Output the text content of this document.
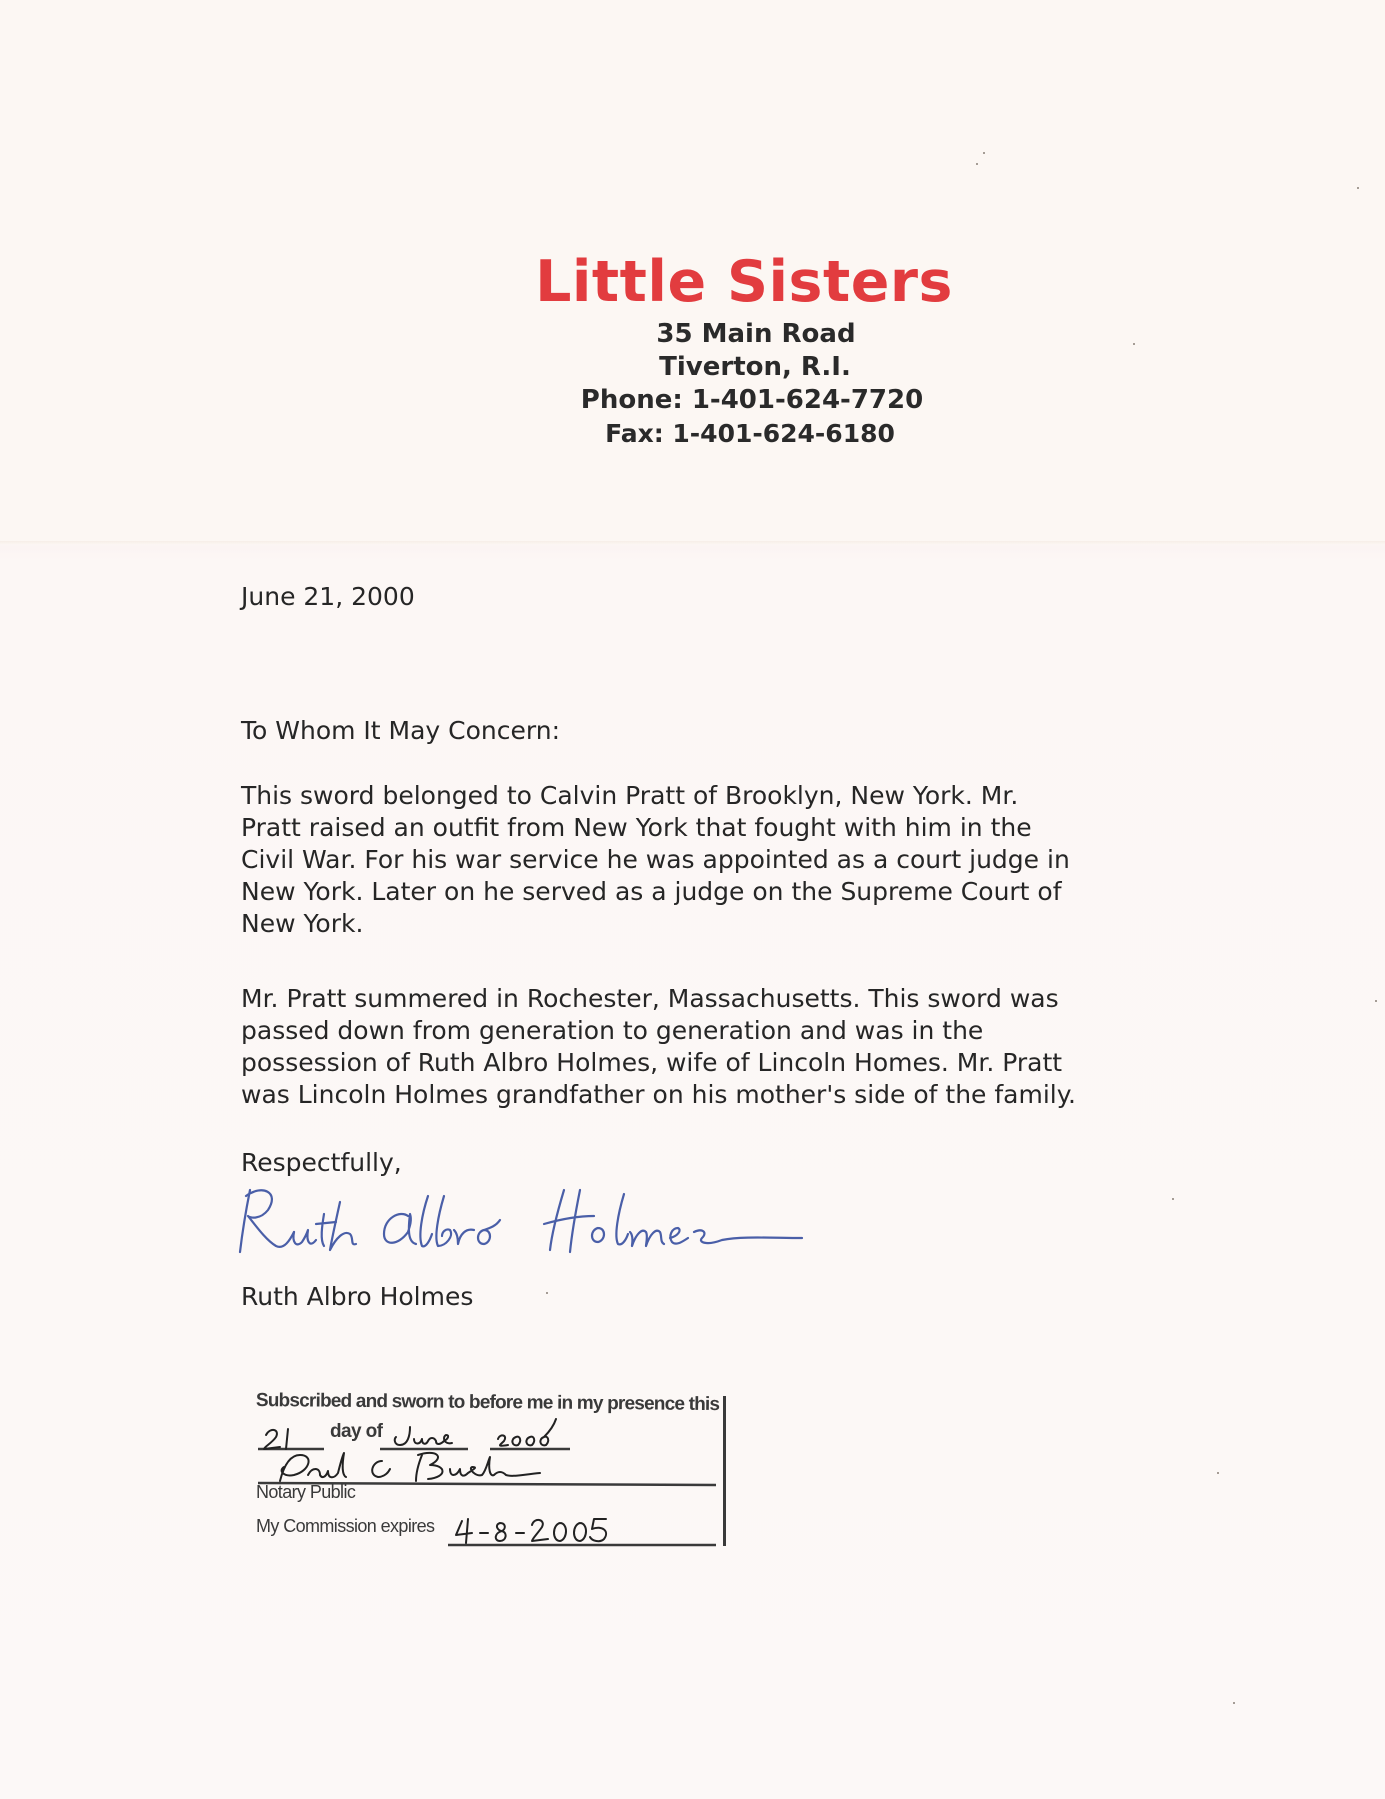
Little Sisters
35 Main Road
Tiverton, R.I.
Phone: 1-401-624-7720
Fax: 1-401-624-6180
June 21, 2000
To Whom It May Concern:
This sword belonged to Calvin Pratt of Brooklyn, New York. Mr.
Pratt raised an outfit from New York that fought with him in the
Civil War. For his war service he was appointed as a court judge in
New York. Later on he served as a judge on the Supreme Court of
New York.
Mr. Pratt summered in Rochester, Massachusetts. This sword was
passed down from generation to generation and was in the
possession of Ruth Albro Holmes, wife of Lincoln Homes. Mr. Pratt
was Lincoln Holmes grandfather on his mother's side of the family.
Respectfully,
Ruth Albro Holmes
Subscribed and sworn to before me in my presence this
day of
Notary Public
My Commission expires
